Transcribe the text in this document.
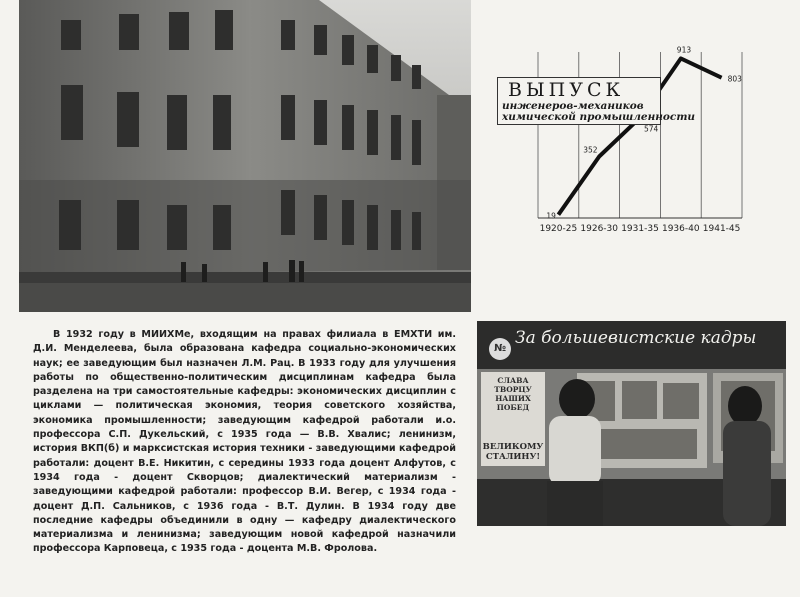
19
352
574
913
803
1920-25 1926-30 1931-35 1936-40 1941-45
ВЫПУСК
инженеров-механиков
химической промышленности

В 1932 году в МИИХМе, входящим на правах филиала в ЕМХТИ им. Д.И. Менделеева, была образована кафедра социально-экономических наук; ее заведующим был назначен Л.М. Рац. В 1933 году для улучшения работы по общественно-политическим дисциплинам кафедра была разделена на три самостоятельные кафедры: экономических дисциплин с циклами — политическая экономия, теория советского хозяйства, экономика промышленности; заведующим кафедрой работали и.о. профессора С.П. Дукельский, с 1935 года — В.В. Хвалис; ленинизм, история ВКП(б) и марксистская история техники - заведующими кафедрой работали: доцент В.Е. Никитин, с середины 1933 года доцент Алфутов, с 1934 года - доцент Скворцов; диалектический материализм - заведующими кафедрой работали: профессор В.И. Вегер, с 1934 года - доцент Д.П. Сальников, с 1936 года - В.Т. Дулин. В 1934 году две последние кафедры объединили в одну — кафедру диалектического материализма и ленинизма; заведующим новой кафедрой назначили профессора Карповеца, с 1935 года - доцента М.В. Фролова.

№
За большевистские кадры
СЛАВА ТВОРЦУ
НАШИХ ПОБЕД
ВЕЛИКОМУ
СТАЛИНУ!
